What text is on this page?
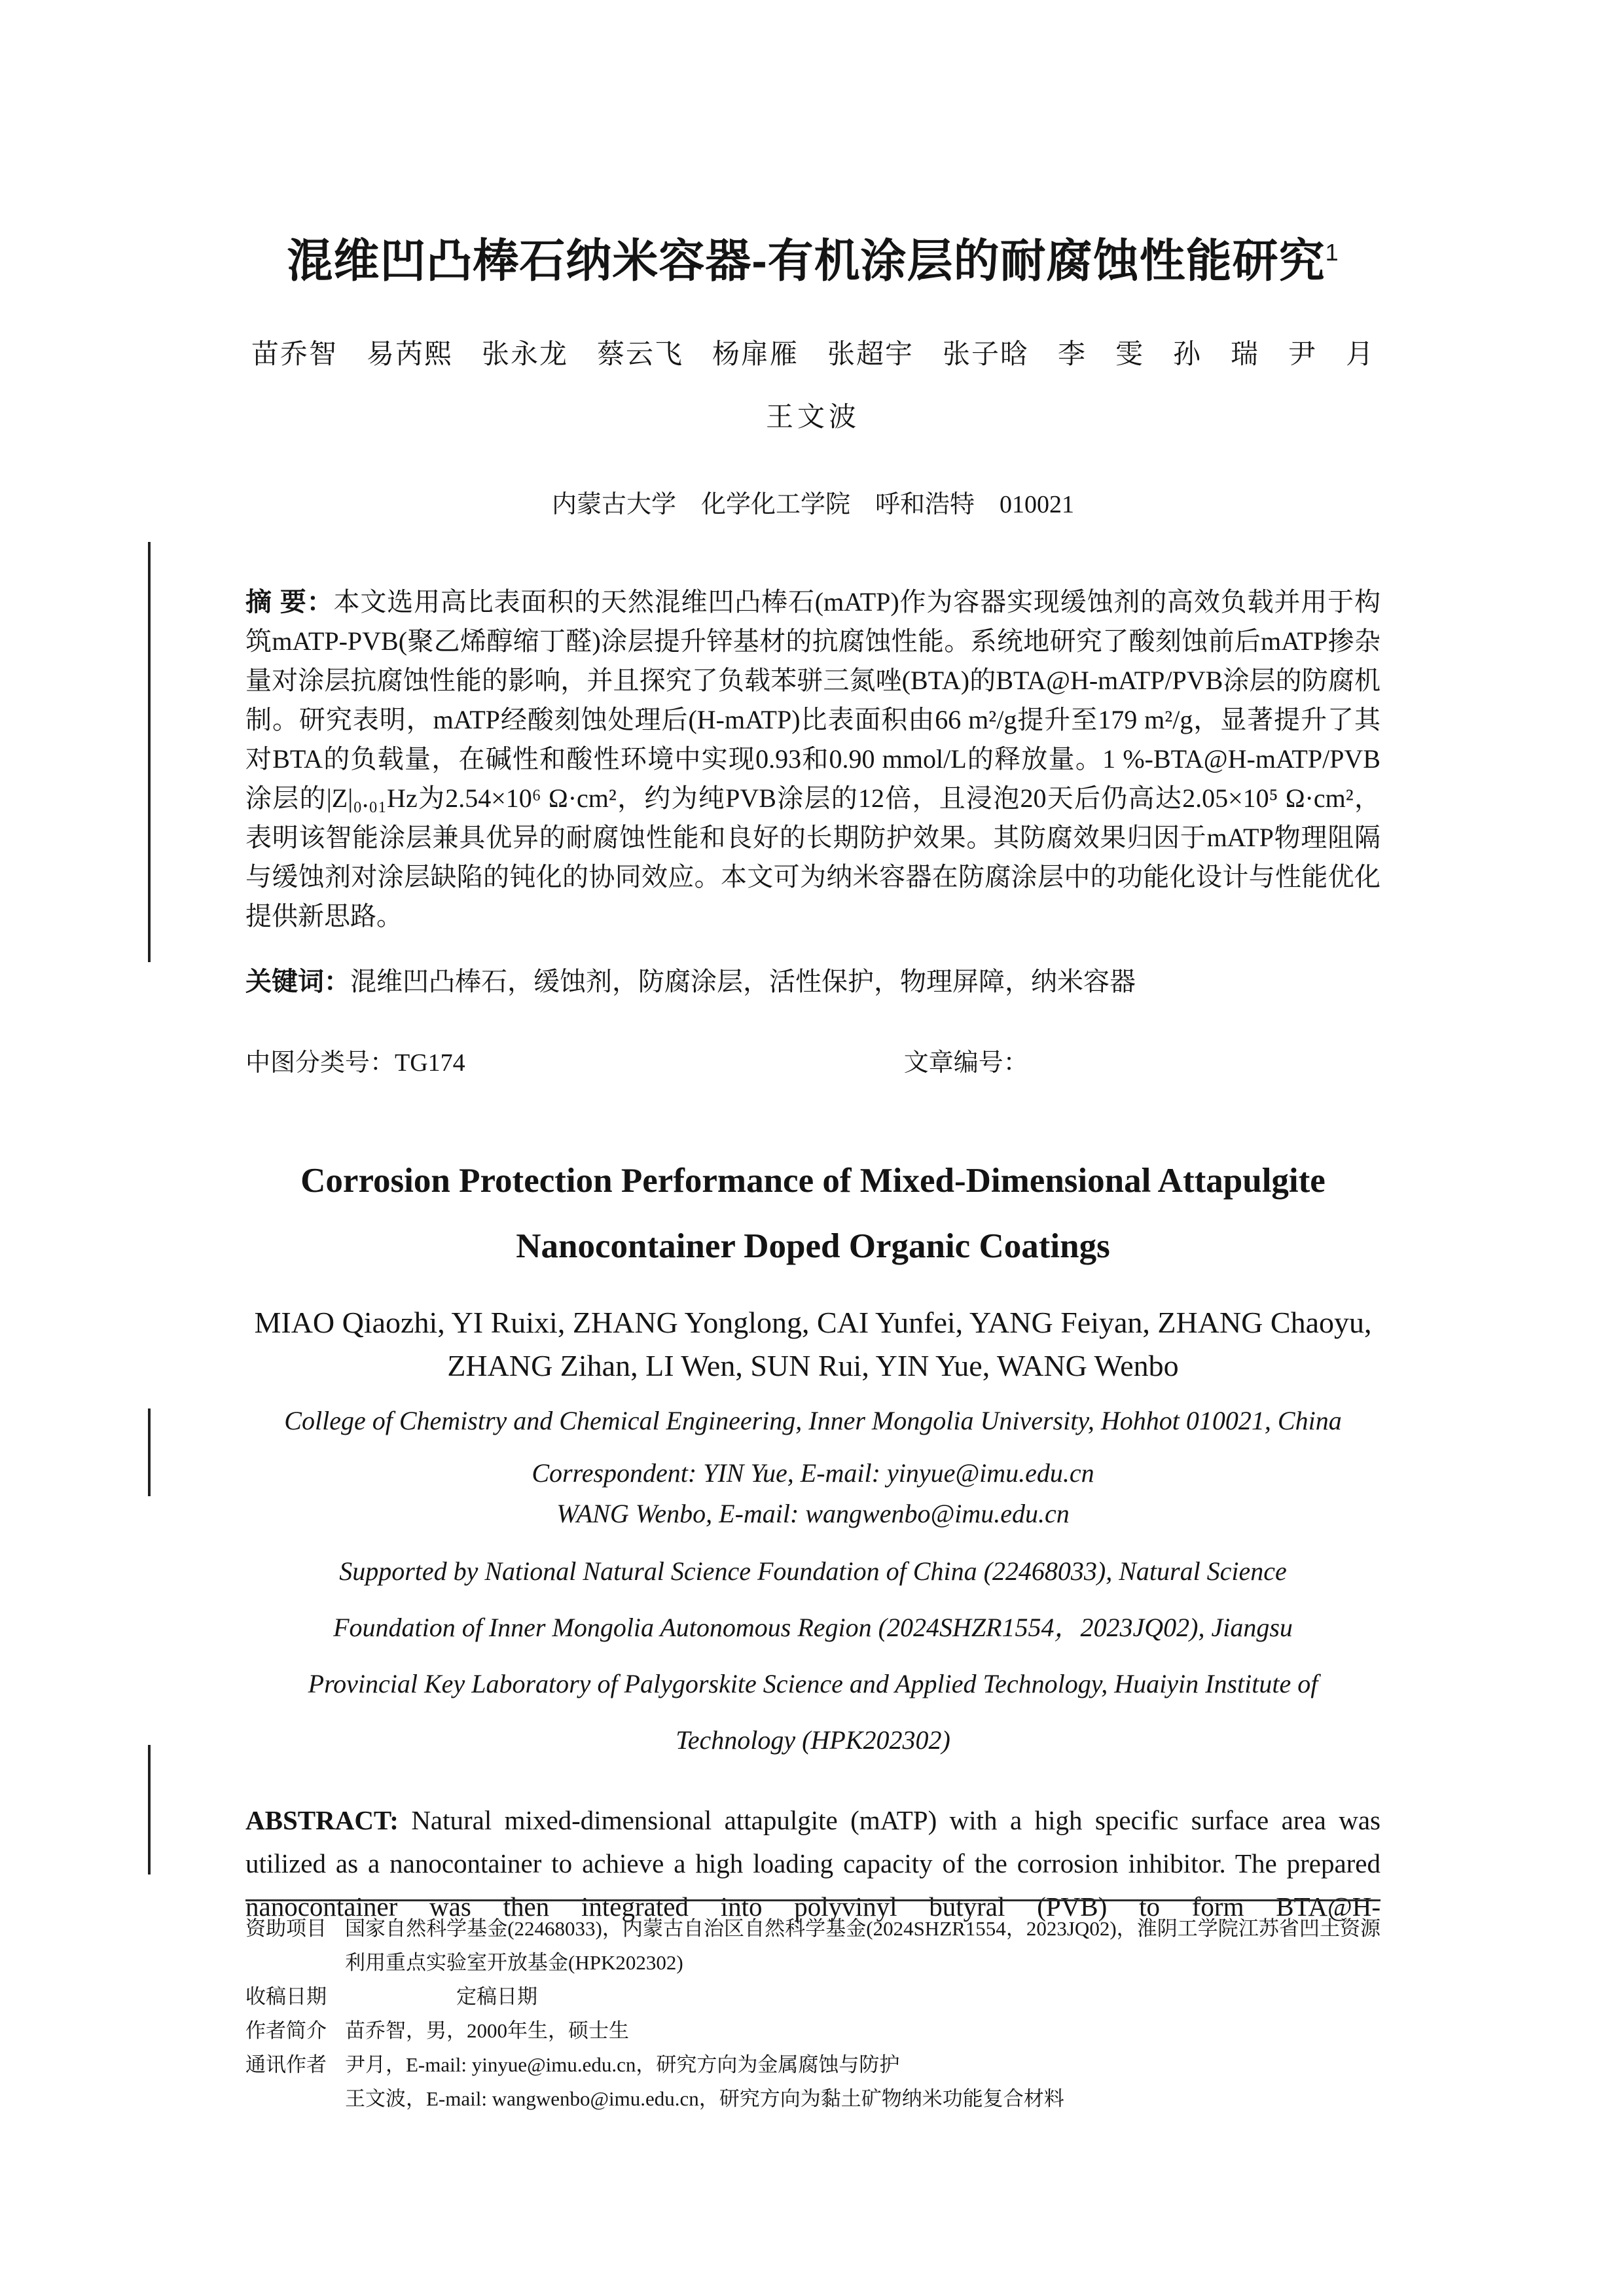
混维凹凸棒石纳米容器-有机涂层的耐腐蚀性能研究$^1$
苗乔智　易芮熙　张永龙　蔡云飞　杨扉雁　张超宇　张子晗　李　雯　孙　瑞　尹　月
王文波
内蒙古大学　化学化工学院　呼和浩特　010021

摘 要：本文选用高比表面积的天然混维凹凸棒石(mATP)作为容器实现缓蚀剂的高效负载并用于构筑mATP-PVB(聚乙烯醇缩丁醛)涂层提升锌基材的抗腐蚀性能。系统地研究了酸刻蚀前后mATP掺杂量对涂层抗腐蚀性能的影响，并且探究了负载苯骈三氮唑(BTA)的BTA@H-mATP/PVB涂层的防腐机制。研究表明，mATP经酸刻蚀处理后(H-mATP)比表面积由66 m²/g提升至179 m²/g，显著提升了其对BTA的负载量，在碱性和酸性环境中实现0.93和0.90 mmol/L的释放量。1 %-BTA@H-mATP/PVB涂层的|Z|₀.₀₁Hz为2.54×10⁶ Ω·cm²，约为纯PVB涂层的12倍，且浸泡20天后仍高达2.05×10⁵ Ω·cm²，表明该智能涂层兼具优异的耐腐蚀性能和良好的长期防护效果。其防腐效果归因于mATP物理阻隔与缓蚀剂对涂层缺陷的钝化的协同效应。本文可为纳米容器在防腐涂层中的功能化设计与性能优化提供新思路。

关键词：混维凹凸棒石，缓蚀剂，防腐涂层，活性保护，物理屏障，纳米容器

中图分类号：TG174	文章编号：
Corrosion Protection Performance of Mixed-Dimensional Attapulgite
Nanocontainer Doped Organic Coatings
MIAO Qiaozhi, YI Ruixi, ZHANG Yonglong, CAI Yunfei, YANG Feiyan, ZHANG Chaoyu, ZHANG Zihan, LI Wen, SUN Rui, YIN Yue, WANG Wenbo
College of Chemistry and Chemical Engineering, Inner Mongolia University, Hohhot 010021, China
Correspondent: YIN Yue, E-mail: yinyue@imu.edu.cn
WANG Wenbo, E-mail: wangwenbo@imu.edu.cn
Supported by National Natural Science Foundation of China (22468033), Natural Science Foundation of Inner Mongolia Autonomous Region (2024SHZR1554，2023JQ02), Jiangsu Provincial Key Laboratory of Palygorskite Science and Applied Technology, Huaiyin Institute of Technology (HPK202302)

ABSTRACT: Natural mixed-dimensional attapulgite (mATP) with a high specific surface area was utilized as a nanocontainer to achieve a high loading capacity of the corrosion inhibitor. The prepared nanocontainer was then integrated into polyvinyl butyral (PVB) to form BTA@H-

资助项目 国家自然科学基金(22468033)，内蒙古自治区自然科学基金(2024SHZR1554，2023JQ02)，淮阴工学院江苏省凹土资源利用重点实验室开放基金(HPK202302)
收稿日期	定稿日期
作者简介 苗乔智，男，2000年生，硕士生
通讯作者 尹月，E-mail: yinyue@imu.edu.cn，研究方向为金属腐蚀与防护
王文波，E-mail: wangwenbo@imu.edu.cn，研究方向为黏土矿物纳米功能复合材料
